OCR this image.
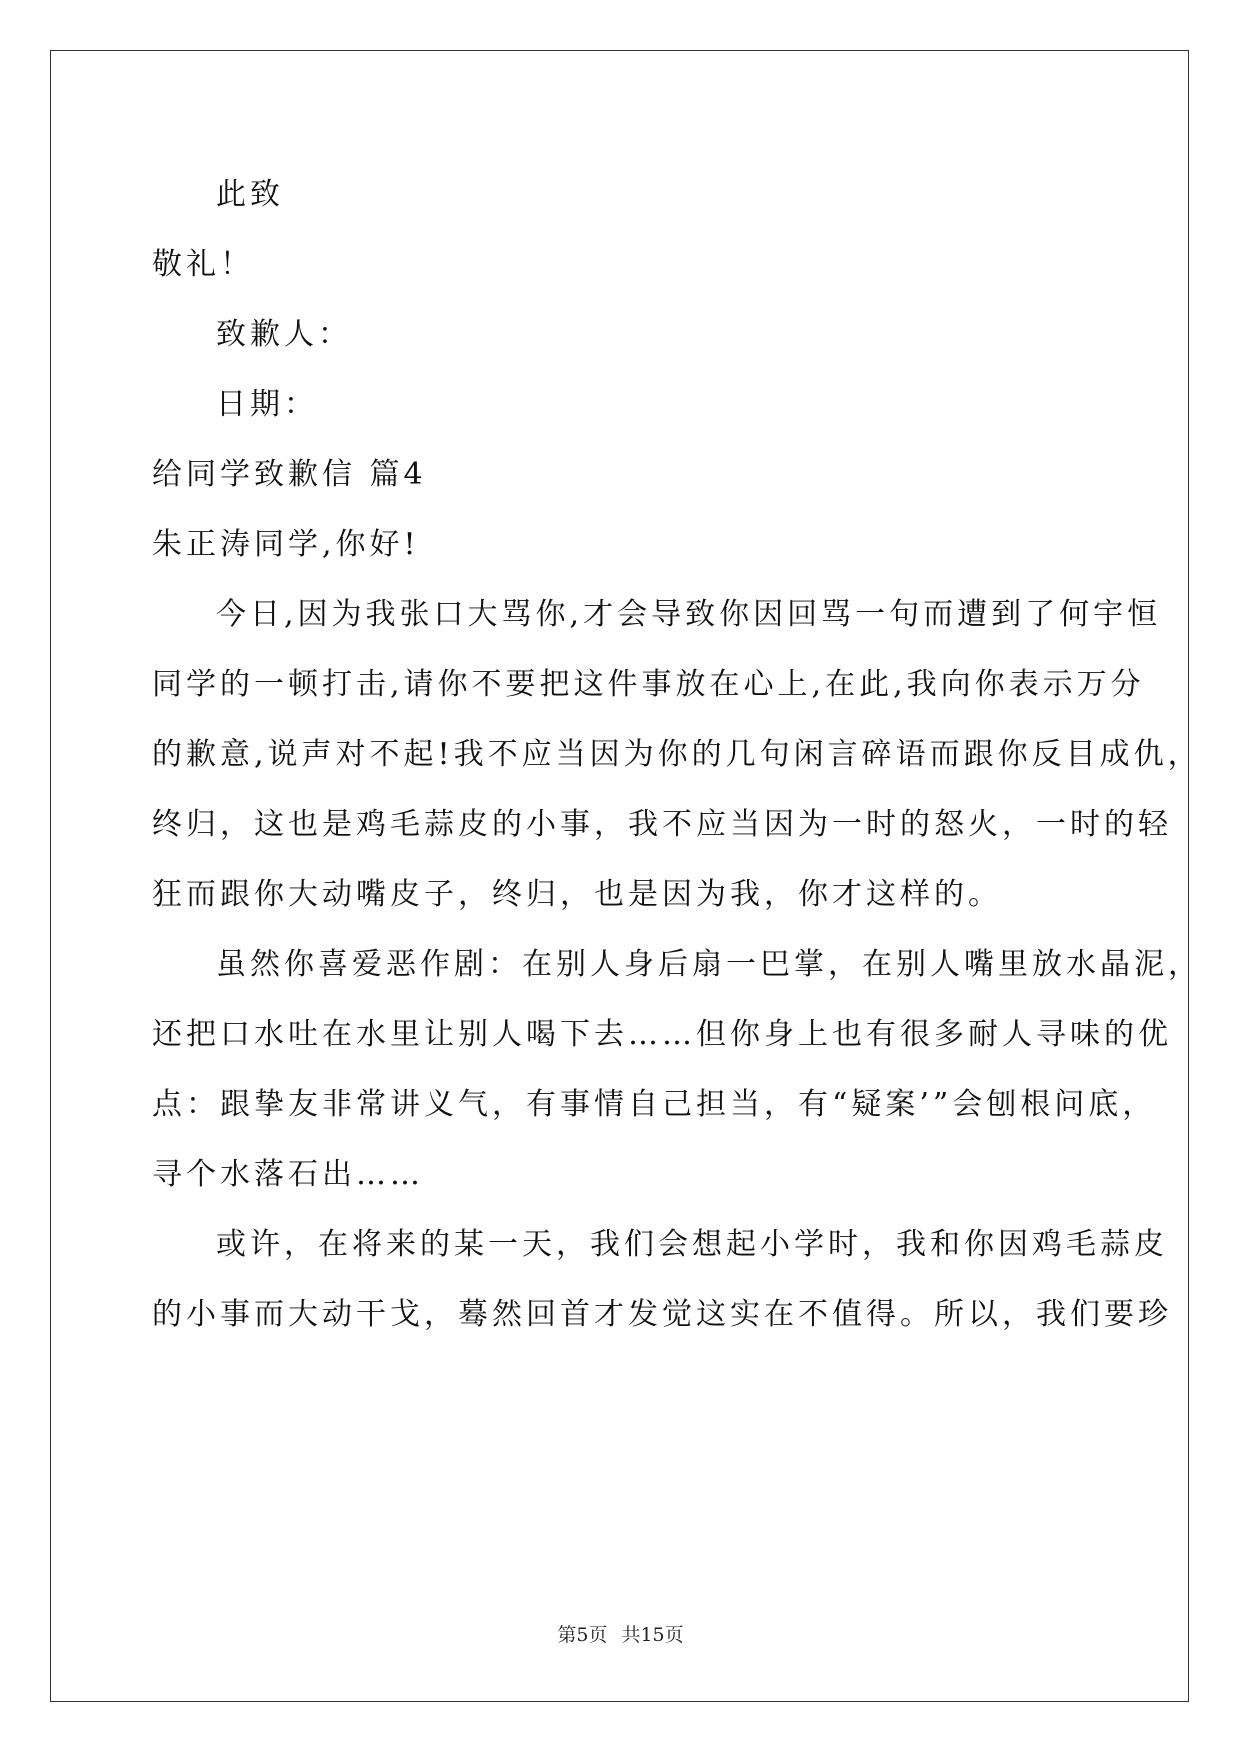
此致
敬礼！
致歉人：
日期：
给同学致歉信 篇4
朱正涛同学,你好!
今日,因为我张口大骂你,才会导致你因回骂一句而遭到了何宇恒
同学的一顿打击,请你不要把这件事放在心上,在此,我向你表示万分
的歉意,说声对不起!我不应当因为你的几句闲言碎语而跟你反目成仇，
终归，这也是鸡毛蒜皮的小事，我不应当因为一时的怒火，一时的轻
狂而跟你大动嘴皮子，终归，也是因为我，你才这样的。
虽然你喜爱恶作剧：在别人身后扇一巴掌，在别人嘴里放水晶泥，
还把口水吐在水里让别人喝下去……但你身上也有很多耐人寻味的优
点：跟挚友非常讲义气，有事情自己担当，有“疑案’”会刨根问底，
寻个水落石出……
或许，在将来的某一天，我们会想起小学时，我和你因鸡毛蒜皮
的小事而大动干戈，蓦然回首才发觉这实在不值得。所以，我们要珍
第5页 共15页
